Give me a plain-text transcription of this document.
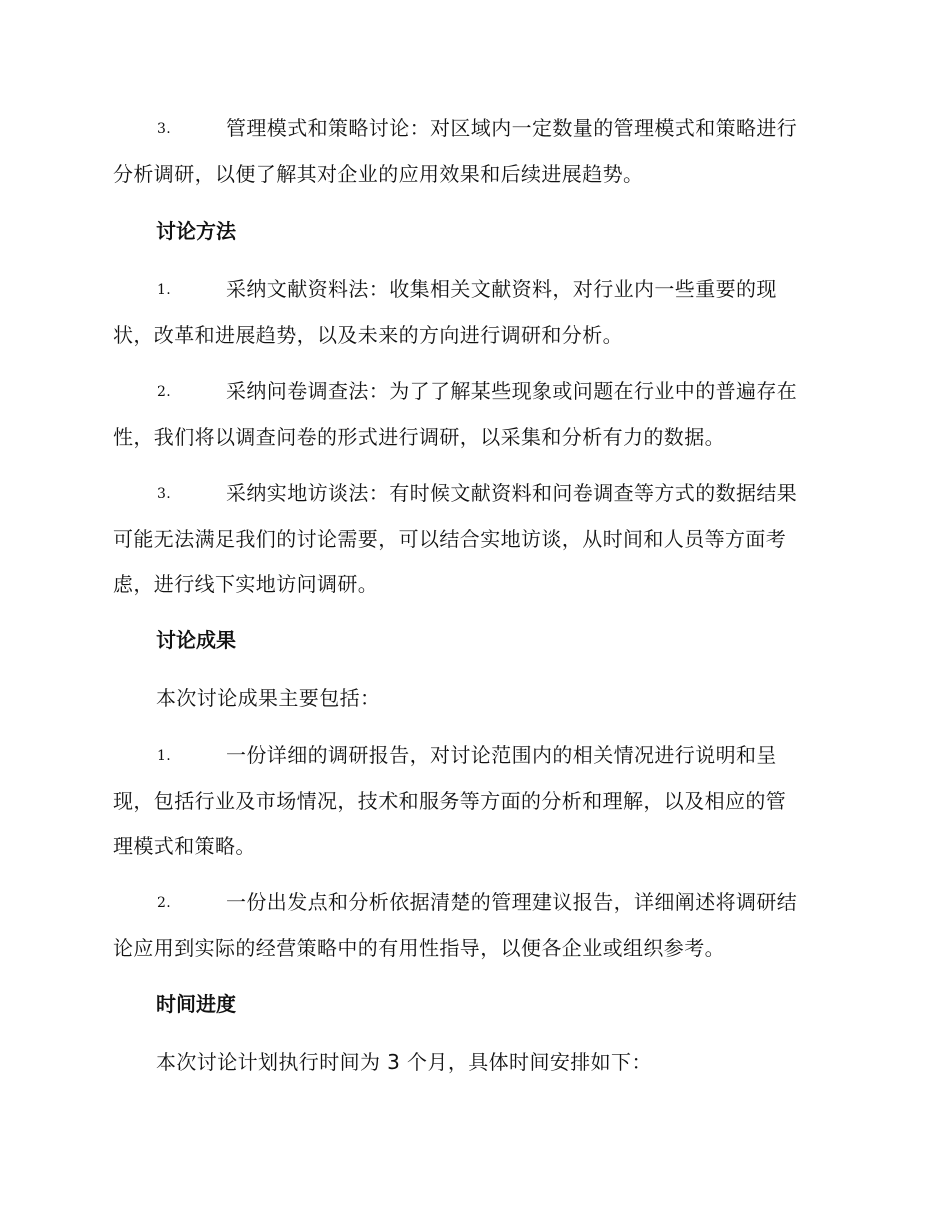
3.	管理模式和策略讨论：对区域内一定数量的管理模式和策略进行
分析调研，以便了解其对企业的应用效果和后续进展趋势。
讨论方法
1.	采纳文献资料法：收集相关文献资料，对行业内一些重要的现
状，改革和进展趋势，以及未来的方向进行调研和分析。
2.	采纳问卷调查法：为了了解某些现象或问题在行业中的普遍存在
性，我们将以调查问卷的形式进行调研，以采集和分析有力的数据。
3.	采纳实地访谈法：有时候文献资料和问卷调查等方式的数据结果
可能无法满足我们的讨论需要，可以结合实地访谈，从时间和人员等方面考
虑，进行线下实地访问调研。
讨论成果
本次讨论成果主要包括：
1.	一份详细的调研报告，对讨论范围内的相关情况进行说明和呈
现，包括行业及市场情况，技术和服务等方面的分析和理解，以及相应的管
理模式和策略。
2.	一份出发点和分析依据清楚的管理建议报告，详细阐述将调研结
论应用到实际的经营策略中的有用性指导，以便各企业或组织参考。
时间进度
本次讨论计划执行时间为 3 个月，具体时间安排如下：
